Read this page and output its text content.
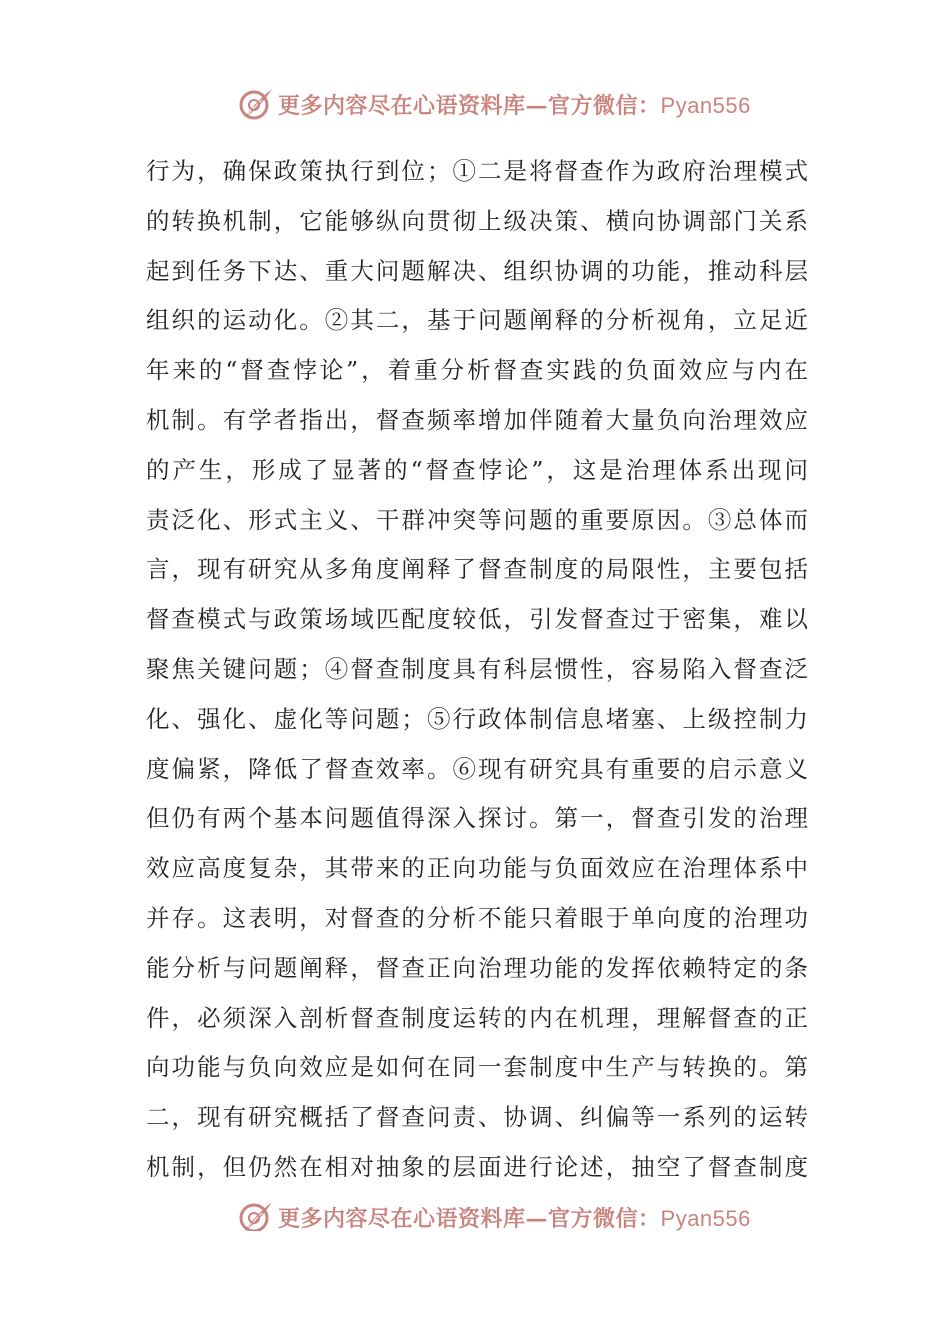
更多内容尽在心语资料库—官方微信：Pyan556
行为，确保政策执行到位；①二是将督查作为政府治理模式
的转换机制，它能够纵向贯彻上级决策、横向协调部门关系
起到任务下达、重大问题解决、组织协调的功能，推动科层
组织的运动化。②其二，基于问题阐释的分析视角，立足近
年来的“督查悖论”，着重分析督查实践的负面效应与内在
机制。有学者指出，督查频率增加伴随着大量负向治理效应
的产生，形成了显著的“督查悖论”，这是治理体系出现问
责泛化、形式主义、干群冲突等问题的重要原因。③总体而
言，现有研究从多角度阐释了督查制度的局限性，主要包括
督查模式与政策场域匹配度较低，引发督查过于密集，难以
聚焦关键问题；④督查制度具有科层惯性，容易陷入督查泛
化、强化、虚化等问题；⑤行政体制信息堵塞、上级控制力
度偏紧，降低了督查效率。⑥现有研究具有重要的启示意义
但仍有两个基本问题值得深入探讨。第一，督查引发的治理
效应高度复杂，其带来的正向功能与负面效应在治理体系中
并存。这表明，对督查的分析不能只着眼于单向度的治理功
能分析与问题阐释，督查正向治理功能的发挥依赖特定的条
件，必须深入剖析督查制度运转的内在机理，理解督查的正
向功能与负向效应是如何在同一套制度中生产与转换的。第
二，现有研究概括了督查问责、协调、纠偏等一系列的运转
机制，但仍然在相对抽象的层面进行论述，抽空了督查制度
更多内容尽在心语资料库—官方微信：Pyan556
